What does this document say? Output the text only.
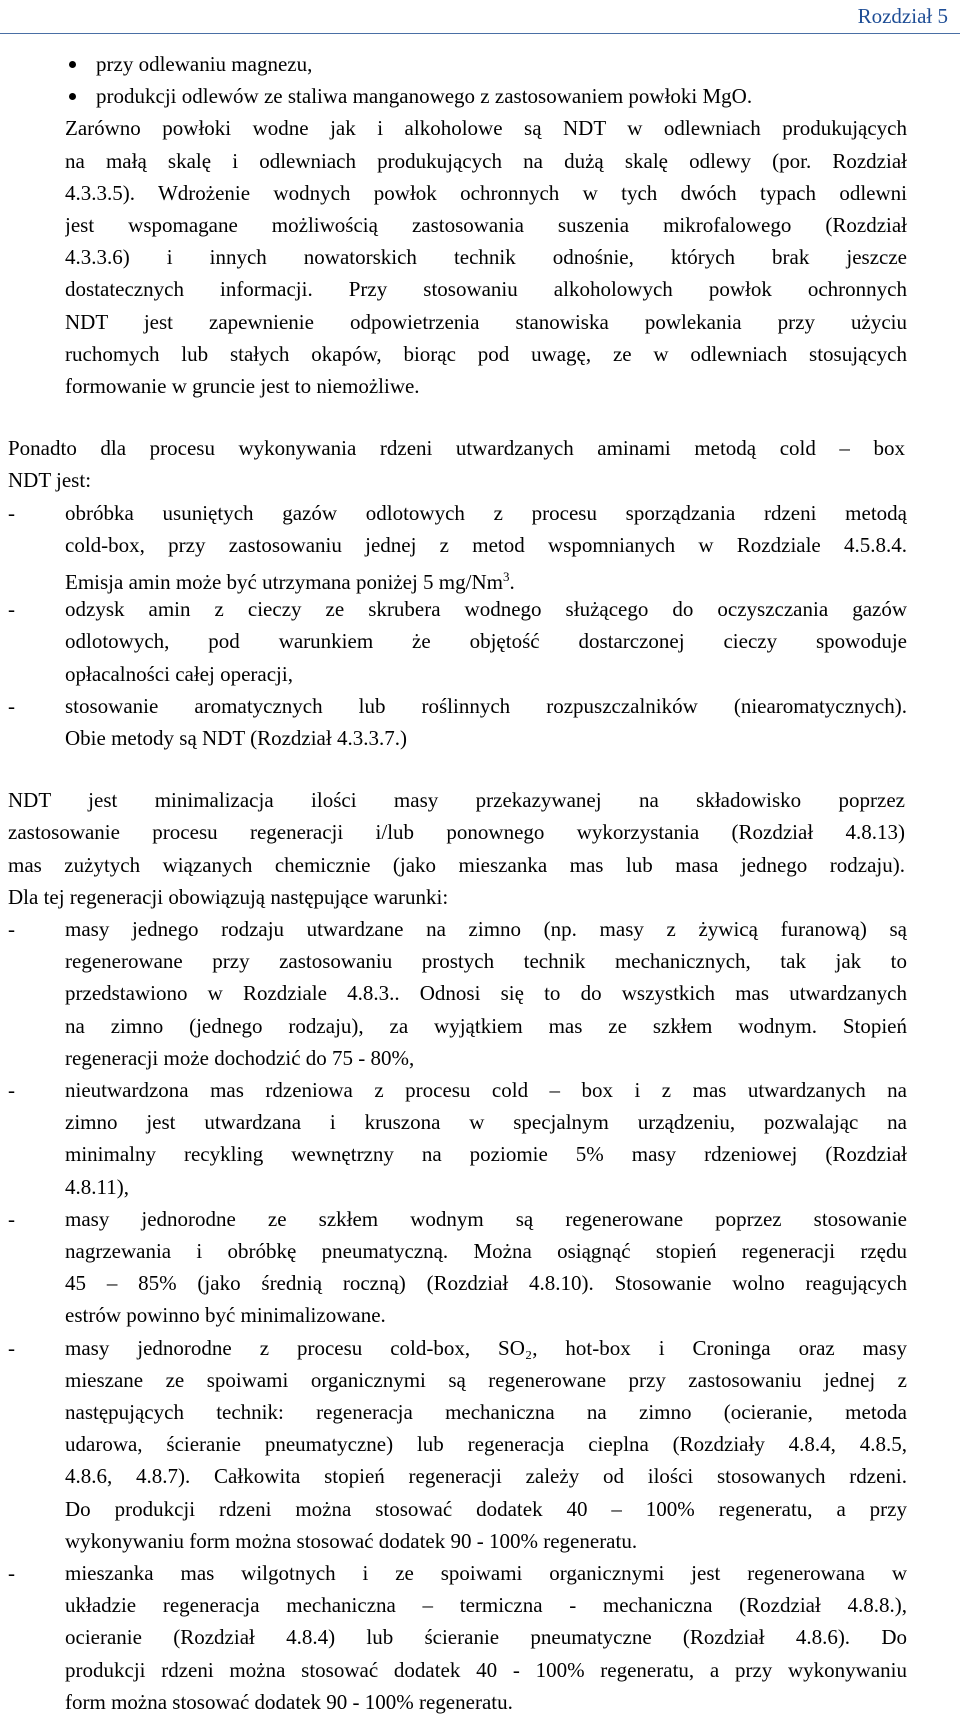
Rozdział 5
przy odlewaniu magnezu,
produkcji odlewów ze staliwa manganowego z zastosowaniem powłoki MgO.
Zarówno powłoki wodne jak i alkoholowe są NDT w odlewniach produkujących
na małą skalę i odlewniach produkujących na dużą skalę odlewy (por. Rozdział
4.3.3.5). Wdrożenie wodnych powłok ochronnych w tych dwóch typach odlewni
jest wspomagane możliwością zastosowania suszenia mikrofalowego (Rozdział
4.3.3.6) i innych nowatorskich technik odnośnie, których brak jeszcze
dostatecznych informacji. Przy stosowaniu alkoholowych powłok ochronnych
NDT jest zapewnienie odpowietrzenia stanowiska powlekania przy użyciu
ruchomych lub stałych okapów, biorąc pod uwagę, ze w odlewniach stosujących
formowanie w gruncie jest to niemożliwe.
Ponadto dla procesu wykonywania rdzeni utwardzanych aminami metodą cold – box
NDT jest:
- obróbka usuniętych gazów odlotowych z procesu sporządzania rdzeni metodą
cold-box, przy zastosowaniu jednej z metod wspomnianych w Rozdziale 4.5.8.4.
Emisja amin może być utrzymana poniżej 5 mg/Nm$^3$.
- odzysk amin z cieczy ze skrubera wodnego służącego do oczyszczania gazów
odlotowych, pod warunkiem że objętość dostarczonej cieczy spowoduje
opłacalności całej operacji,
- stosowanie aromatycznych lub roślinnych rozpuszczalników (niearomatycznych).
Obie metody są NDT (Rozdział 4.3.3.7.)
NDT jest minimalizacja ilości masy przekazywanej na składowisko poprzez
zastosowanie procesu regeneracji i/lub ponownego wykorzystania (Rozdział 4.8.13)
mas zużytych wiązanych chemicznie (jako mieszanka mas lub masa jednego rodzaju).
Dla tej regeneracji obowiązują następujące warunki:
- masy jednego rodzaju utwardzane na zimno (np. masy z żywicą furanową) są
regenerowane przy zastosowaniu prostych technik mechanicznych, tak jak to
przedstawiono w Rozdziale 4.8.3.. Odnosi się to do wszystkich mas utwardzanych
na zimno (jednego rodzaju), za wyjątkiem mas ze szkłem wodnym. Stopień
regeneracji może dochodzić do 75 - 80%,
- nieutwardzona mas rdzeniowa z procesu cold – box i z mas utwardzanych na
zimno jest utwardzana i kruszona w specjalnym urządzeniu, pozwalając na
minimalny recykling wewnętrzny na poziomie 5% masy rdzeniowej (Rozdział
4.8.11),
- masy jednorodne ze szkłem wodnym są regenerowane poprzez stosowanie
nagrzewania i obróbkę pneumatyczną. Można osiągnąć stopień regeneracji rzędu
45 – 85% (jako średnią roczną) (Rozdział 4.8.10). Stosowanie wolno reagujących
estrów powinno być minimalizowane.
- masy jednorodne z procesu cold-box, SO₂, hot-box i Croninga oraz masy
mieszane ze spoiwami organicznymi są regenerowane przy zastosowaniu jednej z
następujących technik: regeneracja mechaniczna na zimno (ocieranie, metoda
udarowa, ścieranie pneumatyczne) lub regeneracja cieplna (Rozdziały 4.8.4, 4.8.5,
4.8.6, 4.8.7). Całkowita stopień regeneracji zależy od ilości stosowanych rdzeni.
Do produkcji rdzeni można stosować dodatek 40 – 100% regeneratu, a przy
wykonywaniu form można stosować dodatek 90 - 100% regeneratu.
- mieszanka mas wilgotnych i ze spoiwami organicznymi jest regenerowana w
układzie regeneracja mechaniczna – termiczna - mechaniczna (Rozdział 4.8.8.),
ocieranie (Rozdział 4.8.4) lub ścieranie pneumatyczne (Rozdział 4.8.6). Do
produkcji rdzeni można stosować dodatek 40 - 100% regeneratu, a przy wykonywaniu
form można stosować dodatek 90 - 100% regeneratu.
